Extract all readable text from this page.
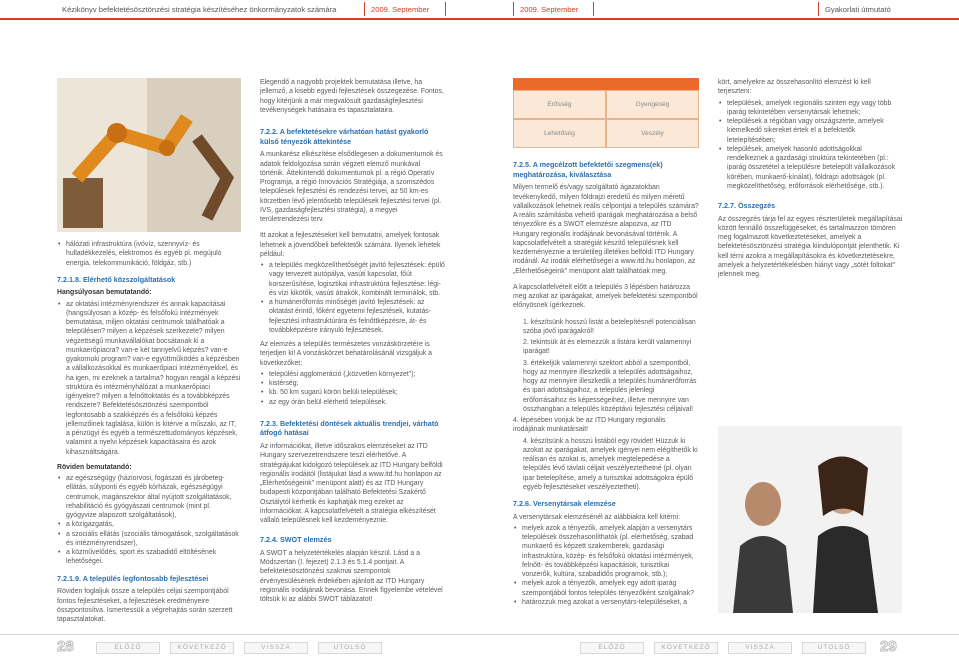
Kézikönyv befektetésösztönzési stratégia készítéséhez önkormányzatok számára	2009. September	2009. September	Gyakorlati útmutató
• hálózati infrastruktúra (ivóvíz, szennyvíz- és hulladékkezelés, elektromos és egyéb pl. megújuló energia, telekommunikáció, földgáz, stb.)
7.2.1.8. Elérhető közszolgáltatások

Hangsúlyosan bemutatandó:

• az oktatási intézményrendszer és annak kapacitásai (hangsúlyosan a közép- és felsőfokú intézmények bemutatása, miljen oktatási centrumok találhatóak a településen? milyen a képzések szerkezete? milyen végzettségű munkavállalókat bocsátanak ki a munkaerőpiacra? van-e két tannyelvű képzés? van-e gyakornoki program? van-e együttműködés a képzésben a vállalkozásokkal és munkaerőpiaci intézményekkel, és ha igen, mi ezeknek a tartalma? hogyan reagál a képzési struktúra és intézményhálózat a munkaerőpiaci igényekre? milyen a felnőttoktatás és a továbbképzés rendszere? Befektetésösztönzési szempontból legfontosabb a szakképzés és a felsőfokú képzés jellemzőinek taglalása, külön is kitérve a műszaki, az IT, a pénzügyi és egyéb a természettudományos képzések, valamint a nyelvi képzések kapacitásaira és azok kihasználtságára.

Röviden bemutatandó:

• az egészségügy (háziorvosi, fogászati és járóbeteg-ellátás, súlyponti és egyéb kórházak, egészségügyi centrumok, magánszektor által nyújtott szolgáltatások, rehabilitáció és gyógyászati centrumok (mint pl. gyógyvize alapozott szolgáltatások),
• a közigazgatás,
• a szociális ellátás (szociális támogatások, szolgáltatások és intézményrendszer),
• a közművelődés, sport és szabadidő eltöltésének lehetőségei.
7.2.1.9. A település legfontosabb fejlesztései

Röviden foglaljuk össze a település céljai szempontjából fontos fejlesztéseket, a fejlesztések eredményeire összpontosítva. Ismertessük a végrehajtás során szerzett tapasztalatokat.

Elegendő a nagyobb projektek bemutatása illetve, ha jellemző, a kisebb egyedi fejlesztések összegezése. Fontos, hogy kitérjünk a már megvalósult gazdaságfejlesztési tevékenységek hatásaira és tapasztalataira.

7.2.2. A befektetésekre várhatóan hatást gyakorló külső tényezők áttekintése

A munkarész elkészítése elsődlegesen a dokumentumok és adatok feldolgozása során végzett elemző munkával történik. Áttekintendő dokumentumok pl. a régió Operatív Programja, a régió Innovációs Stratégiája, a szomszédos települések fejlesztési és rendezési tervei, az 50 km-es körzetben lévő jelentősebb települések fejlesztési tervei (pl. IVS, gazdaságfejlesztési stratégia), a megyei területrendezési terv.

Itt azokat a fejlesztéseket kell bemutatni, amelyek fontosak lehetnek a jövendőbeli befektetők számára. Ilyenek lehetek például:

• a település megközelíthetőségét javító fejlesztések: épülő vagy tervezett autópálya, vasúti kapcsolat, főút korszerűsítése, logisztikai infrastruktúra fejlesztése: légi- és vízi kikötők, vasúti átrakók, kombinált terminálok, stb.
• a humánerőforrás minőségét javító fejlesztések: az oktatást érintő, főként egyetemi fejlesztések, kutatás-fejlesztési infrastruktúrára és felnőttképzésre, át- és továbbképzésre irányuló fejlesztések.

Az elemzés a település természetes vonzáskörzetére is terjedjen ki! A vonzáskörzet behatárolásánál vizsgáljuk a következőket:

• települési agglomeráció („közvetlen környezet");
• kistérség;
• kb. 50 km sugarú körön belüli települések;
• az egy órán belül elérhető települések.
7.2.3. Befektetési döntések aktuális trendjei, várható átfogó hatásai

Az információkat, illetve időszakos elemzéseket az ITD Hungary szervezetrendszere teszi elérhetővé. A stratégiájukat kidolgozó települések az ITD Hungary belföldi regionális irodáitól (listájukat lásd a www.itd.hu honlapon az „Elérhetőségeink" menüpont alatt) és az ITD Hungary budapesti központjában található Befektetési Szakértő Osztálytól kérhetik és kaphatják meg ezeket az információkat. A kapcsolatfelvételt a stratégia elkészítését vállaló településnek kell kezdeményeznie.

7.2.4. SWOT elemzés

A SWOT a helyzetértékelés alapján készül. Lásd a a Módszertan (I. fejezet) 2.1.3 és 5.1.4 pontjait. A befektetésösztönzési szakmai szempontok érvényesülésének érdekében ajánlott az ITD Hungary regionális irodájának bevonása. Ennek figyelembe vételével töltsük ki az alábbi SWOT táblázatot!

Erősség	Gyengeség
Lehetőség	Veszély
7.2.5. A megcélzott befektetői szegmens(ek) meghatározása, kiválasztása

Milyen termelő és/vagy szolgáltató ágazatokban tevékenykedő, milyen földrajzi eredetű és milyen méretű vállalkozások lehetnek reális célpontjai a település számára? A reális számításba vehető iparágak meghatározása a belső tényezőkre és a SWOT elemzésre alapozva, az ITD Hungary regionális irodájának bevonásával történik. A kapcsolatfelvételt a stratégiát készítő településnek kell kezdeményeznie a területileg illetékes belföldi ITD Hungary irodánál. Az irodák elérhetőségei a www.itd.hu honlapon, az „Elérhetőségeink" menüpont alatt találhatóak meg.

A kapcsolatfelvételt előtt a település 3 lépésben határozza meg azokat az iparágakat, amelyek befektetési szempontból előnyösnek ígérkeznek.

1. készítsünk hosszú listát a betelepítésnél potenciálisan szóba jövő iparágakról!

2. tekintsük át és elemezzük a listára került valamennyi iparágat!

3. értékeljük valamennyi szektort abból a szempontból, hogy az mennyire illeszkedik a település adottságaihoz, hogy az mennyire illeszkedik a település humánerőforrás és ipari adottságaihoz, a település jelenlegi erőforrásaihoz és képességeihez, illetve mennyire van összhangban a település középtávú fejlesztési céljaival!

4. lépésében vonjuk be az ITD Hungary regionális irodájának munkatársait!

4. készítsünk a hosszú listából egy rövidet! Hüzzuk ki azokat az iparágakat, amelyek igényei nem elégíthetők ki reálisan és azokat is, amelyek megtelepedése a település lévő távlati céljait veszélyeztethetné (pl. olyan ipar betelepítése, amely a turisztikai adottságokra épülő egyéb fejlesztéseket veszélyeztetheti).

7.2.6. Versenytársak elemzése

A versenytársak elemzésénél az alábbiakra kell kitérni:

• melyek azok a tényezők, amelyek alapján a versenytárs települések összehasonlíthatók (pl. elérhetőség, szabad munkaerő és képzett szakemberek, gazdasági infrastruktúra, közép- és felsőfokú oktatási intézmények, felnőtt- és továbbképzési kapacitások, turisztikai vonzerők, kultúra, szabadidős programok, stb.);
• melyek azok a tényezők, amelyek egy adott iparág szempontjából fontos település tényezőként szolgálnak?
• határozzuk meg azokat a versenytárs-településeket, a

kört, amelyekre az összehasonlító elemzést ki kell terjeszteni:

• települések, amelyek regionális szinten egy vagy több iparág tekintetében versenytársak lehetnek;
• települések a régióban vagy országszerte, amelyek kiemelkedő sikereket értek el a befektetők letelepítésében;
• települések, amelyek hasonló adottságokkal rendelkeznek a gazdasági struktúra tekintetében (pl.: iparág összetétel a településre betelepült vállalkozások körében, munkaerő-kínálat), földrajzi adottságok (pl. megközelíthetőség, erőforrások elérhetősége, stb.).
7.2.7. Összegzés

Az összegzés tárja fel az egyes részterületek megállapításai között fennálló összefüggéseket, és tartalmazzon tömören meg fogalmazott következtetéseket, amelyek a befektetésösztönzési stratégia kiindulópontját jelenthetik. Ki kell térni azokra a megállapításokra és következtetésekre, amelyek a helyzetértékelésben hiányt vagy „sötét foltokat" jelennek meg.

28	ELŐZŐ	KÖVETKEZŐ	VISSZA	UTOLSÓ	ELŐZŐ	KÖVETKEZŐ	VISSZA	UTOLSÓ	29
